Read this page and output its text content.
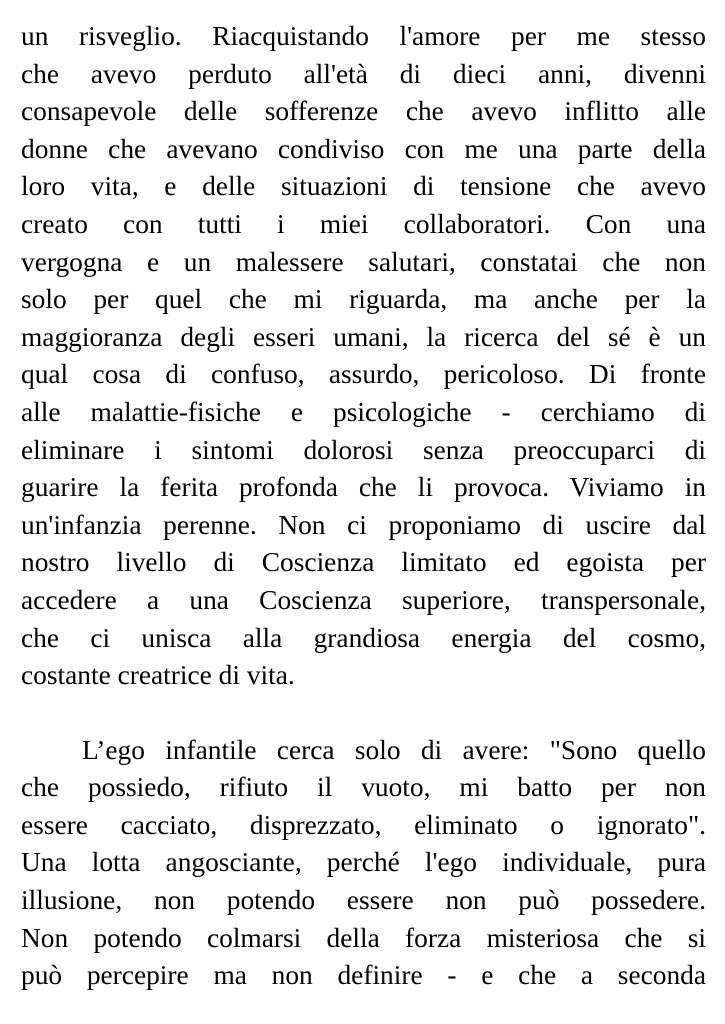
un risveglio. Riacquistando l'amore per me stesso
che avevo perduto all'età di dieci anni, divenni
consapevole delle sofferenze che avevo inflitto alle
donne che avevano condiviso con me una parte della
loro vita, e delle situazioni di tensione che avevo
creato con tutti i miei collaboratori. Con una
vergogna e un malessere salutari, constatai che non
solo per quel che mi riguarda, ma anche per la
maggioranza degli esseri umani, la ricerca del sé è un
qual cosa di confuso, assurdo, pericoloso. Di fronte
alle malattie-fisiche e psicologiche - cerchiamo di
eliminare i sintomi dolorosi senza preoccuparci di
guarire la ferita profonda che li provoca. Viviamo in
un'infanzia perenne. Non ci proponiamo di uscire dal
nostro livello di Coscienza limitato ed egoista per
accedere a una Coscienza superiore, transpersonale,
che ci unisca alla grandiosa energia del cosmo,
costante creatrice di vita.
L’ego infantile cerca solo di avere: "Sono quello
che possiedo, rifiuto il vuoto, mi batto per non
essere cacciato, disprezzato, eliminato o ignorato".
Una lotta angosciante, perché l'ego individuale, pura
illusione, non potendo essere non può possedere.
Non potendo colmarsi della forza misteriosa che si
può percepire ma non definire - e che a seconda
